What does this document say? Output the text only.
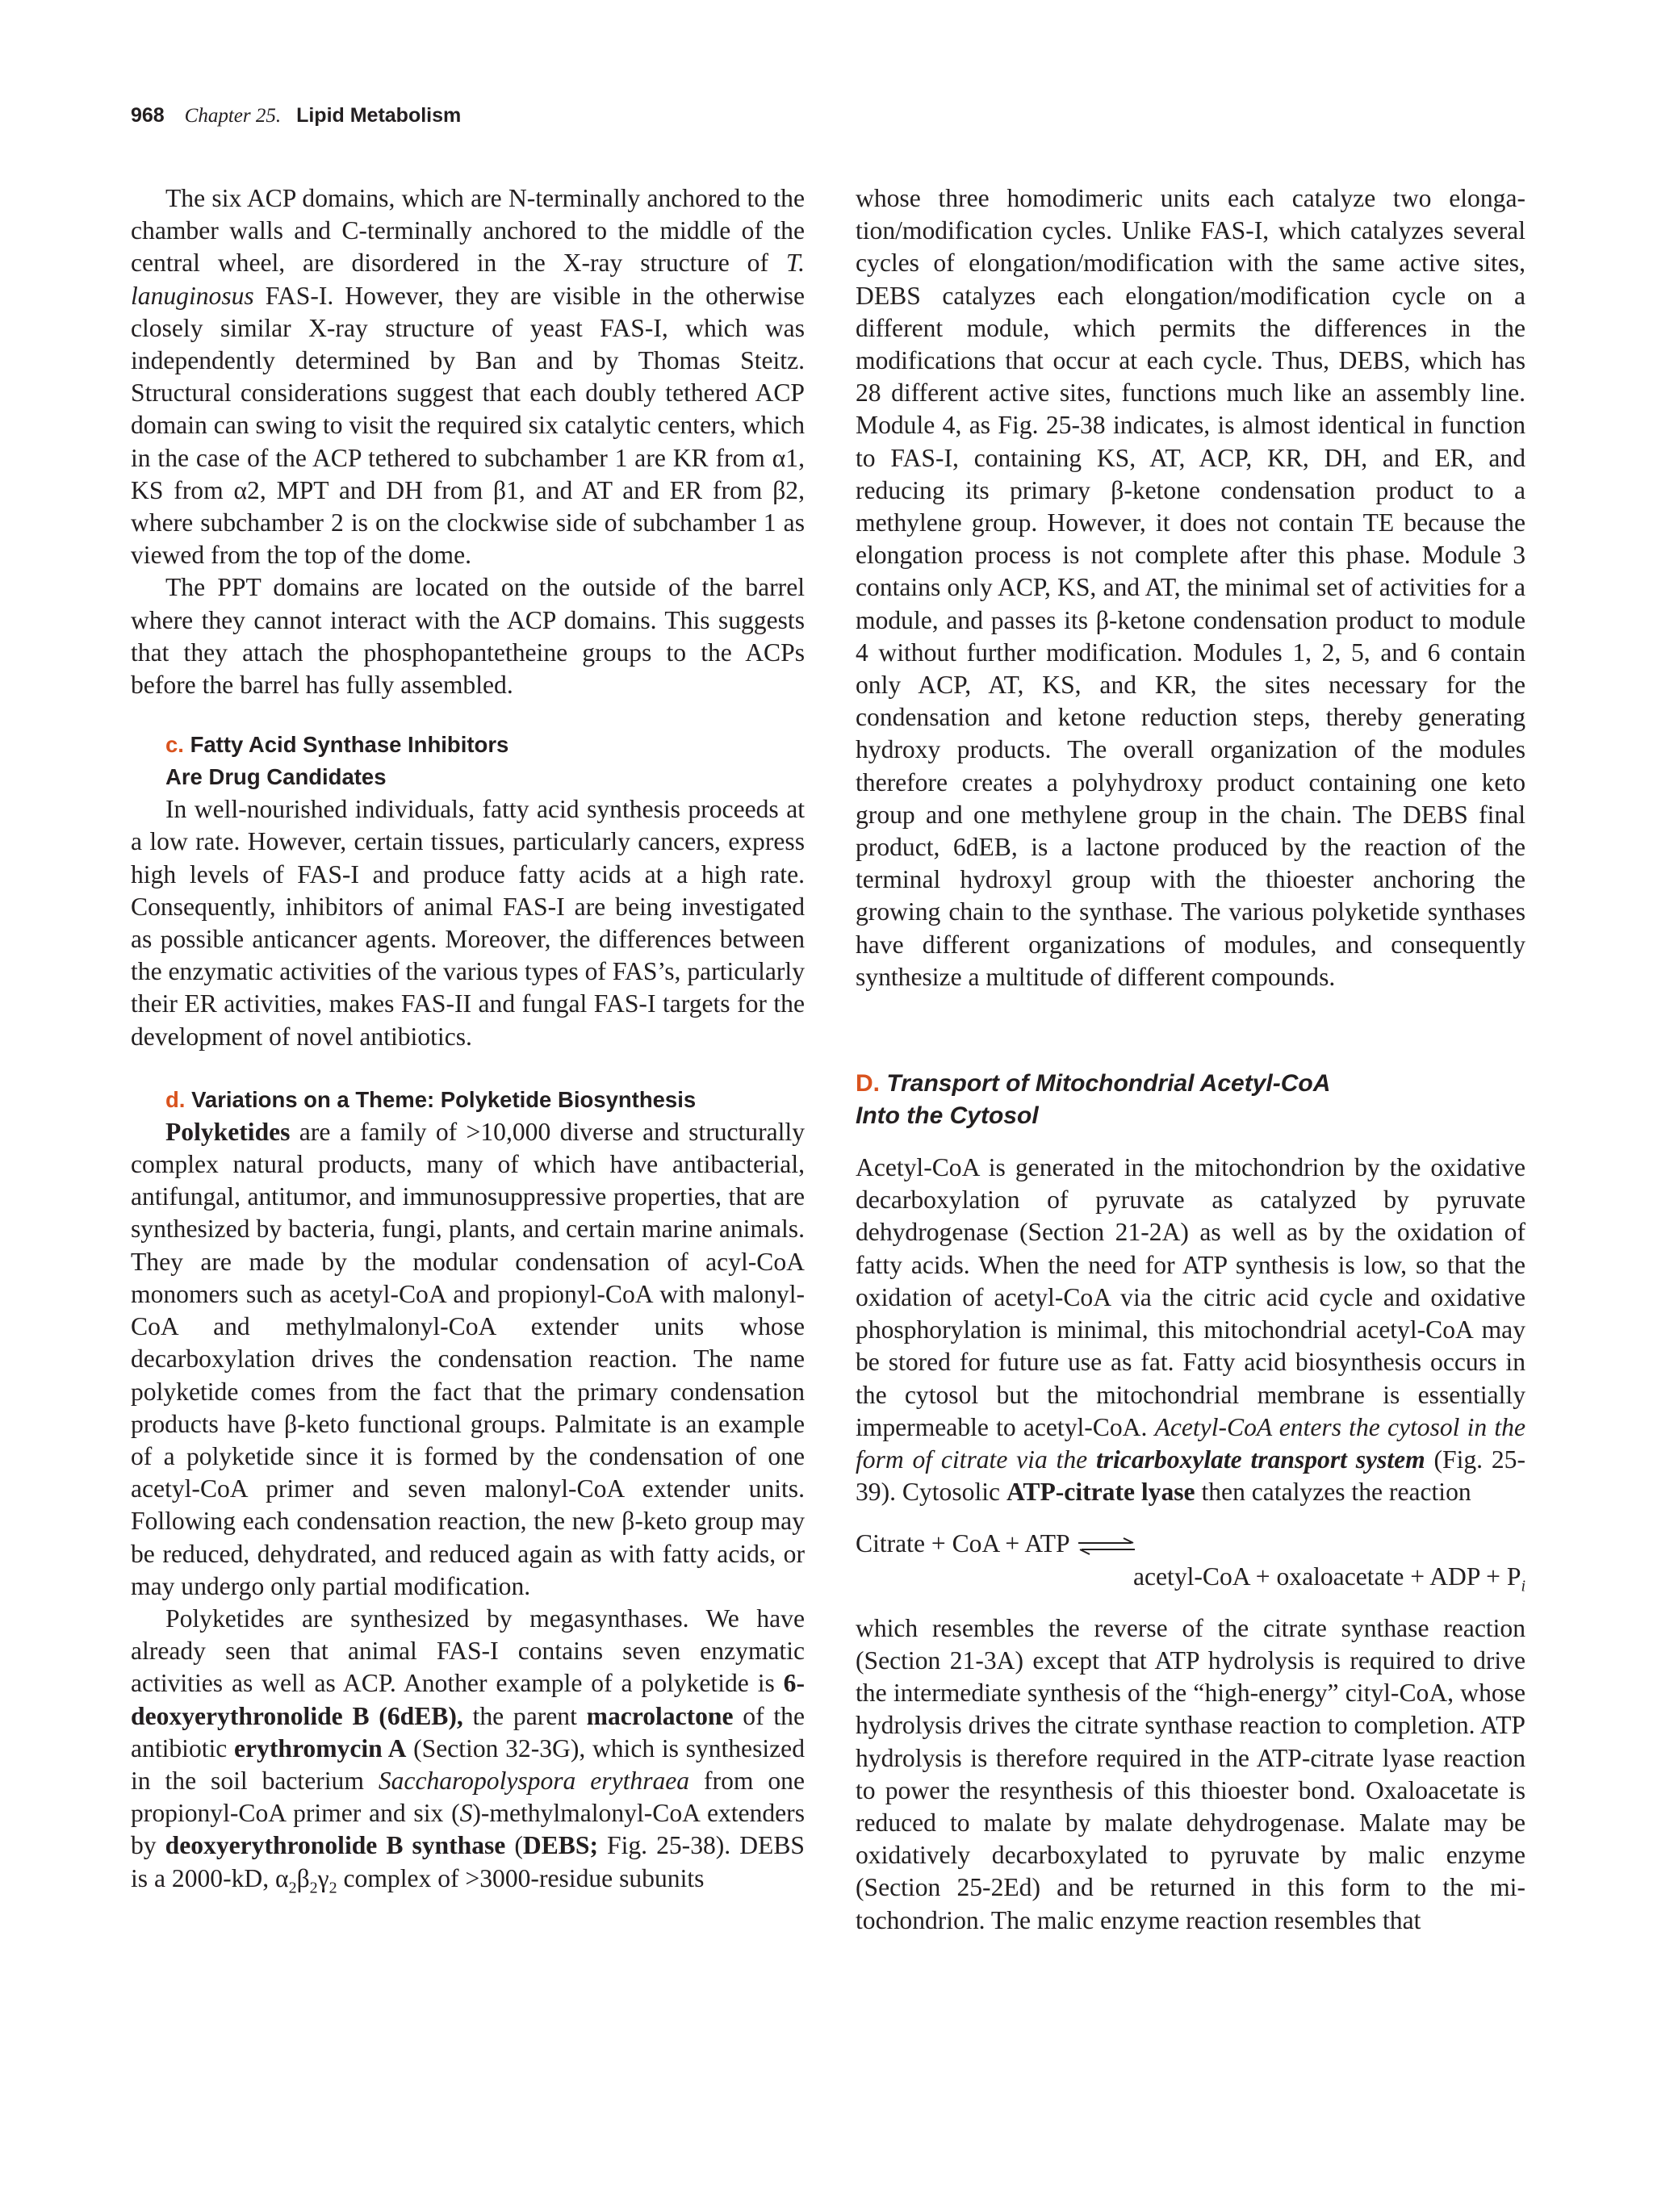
968 Chapter 25. Lipid Metabolism

The six ACP domains, which are N-terminally anchored to the chamber walls and C-terminally anchored to the middle of the central wheel, are disordered in the X-ray structure of T. lanuginosus FAS-I. However, they are visible in the otherwise closely similar X-ray structure of yeast FAS-I, which was independently determined by Ban and by Thomas Steitz. Structural considerations suggest that each doubly tethered ACP domain can swing to visit the required six catalytic centers, which in the case of the ACP tethered to subchamber 1 are KR from α1, KS from α2, MPT and DH from β1, and AT and ER from β2, where subchamber 2 is on the clockwise side of subchamber 1 as viewed from the top of the dome.

The PPT domains are located on the outside of the barrel where they cannot interact with the ACP domains. This suggests that they attach the phosphopantetheine groups to the ACPs before the barrel has fully assembled.

c. Fatty Acid Synthase Inhibitors
Are Drug Candidates

In well-nourished individuals, fatty acid synthesis proceeds at a low rate. However, certain tissues, particularly cancers, express high levels of FAS-I and produce fatty acids at a high rate. Consequently, inhibitors of animal FAS-I are being investigated as possible anticancer agents. Moreover, the differences between the enzymatic activities of the various types of FAS’s, particularly their ER activities, makes FAS-II and fungal FAS-I targets for the development of novel antibiotics.

d. Variations on a Theme: Polyketide Biosynthesis

Polyketides are a family of >10,000 diverse and structurally complex natural products, many of which have antibacterial, antifungal, antitumor, and immunosuppressive properties, that are synthesized by bacteria, fungi, plants, and certain marine animals. They are made by the modular condensation of acyl-CoA monomers such as acetyl-CoA and propionyl-CoA with malonyl-CoA and methylmalonyl-CoA extender units whose decarboxylation drives the condensation reaction. The name polyketide comes from the fact that the primary condensation products have β-keto functional groups. Palmitate is an example of a polyketide since it is formed by the condensation of one acetyl-CoA primer and seven malonyl-CoA extender units. Following each condensation reaction, the new β-keto group may be reduced, dehydrated, and reduced again as with fatty acids, or may undergo only partial modification.

Polyketides are synthesized by megasynthases. We have already seen that animal FAS-I contains seven enzymatic activities as well as ACP. Another example of a polyketide is 6-deoxyerythronolide B (6dEB), the parent macrolactone of the antibiotic erythromycin A (Section 32-3G), which is synthesized in the soil bacterium Saccharopolyspora erythraea from one propionyl-CoA primer and six (S)-methylmalonyl-CoA extenders by deoxyerythronolide B synthase (DEBS; Fig. 25-38). DEBS is a 2000-kD, $\alpha_2\beta_2\gamma_2$ complex of >3000-residue subunits

whose three homodimeric units each catalyze two elongation/modification cycles. Unlike FAS-I, which catalyzes several cycles of elongation/modification with the same active sites, DEBS catalyzes each elongation/modification cycle on a different module, which permits the differences in the modifications that occur at each cycle. Thus, DEBS, which has 28 different active sites, functions much like an assembly line. Module 4, as Fig. 25-38 indicates, is almost identical in function to FAS-I, containing KS, AT, ACP, KR, DH, and ER, and reducing its primary β-ketone condensation product to a methylene group. However, it does not contain TE because the elongation process is not complete after this phase. Module 3 contains only ACP, KS, and AT, the minimal set of activities for a module, and passes its β-ketone condensation product to module 4 without further modification. Modules 1, 2, 5, and 6 contain only ACP, AT, KS, and KR, the sites necessary for the condensation and ketone reduction steps, thereby generating hydroxy products. The overall organization of the modules therefore creates a polyhydroxy product containing one keto group and one methylene group in the chain. The DEBS final product, 6dEB, is a lactone produced by the reaction of the terminal hydroxyl group with the thioester anchoring the growing chain to the synthase. The various polyketide synthases have different organizations of modules, and consequently synthesize a multitude of different compounds.

D. Transport of Mitochondrial Acetyl-CoA
Into the Cytosol

Acetyl-CoA is generated in the mitochondrion by the oxidative decarboxylation of pyruvate as catalyzed by pyruvate dehydrogenase (Section 21-2A) as well as by the oxidation of fatty acids. When the need for ATP synthesis is low, so that the oxidation of acetyl-CoA via the citric acid cycle and oxidative phosphorylation is minimal, this mitochondrial acetyl-CoA may be stored for future use as fat. Fatty acid biosynthesis occurs in the cytosol but the mitochondrial membrane is essentially impermeable to acetyl-CoA. Acetyl-CoA enters the cytosol in the form of citrate via the tricarboxylate transport system (Fig. 25-39). Cytosolic ATP-citrate lyase then catalyzes the reaction

Citrate + CoA + ATP ⇌
acetyl-CoA + oxaloacetate + ADP + $P_i$

which resembles the reverse of the citrate synthase reaction (Section 21-3A) except that ATP hydrolysis is required to drive the intermediate synthesis of the “high-energy” cityl-CoA, whose hydrolysis drives the citrate synthase reaction to completion. ATP hydrolysis is therefore required in the ATP-citrate lyase reaction to power the resynthesis of this thioester bond. Oxaloacetate is reduced to malate by malate dehydrogenase. Malate may be oxidatively decarboxylated to pyruvate by malic enzyme (Section 25-2Ed) and be returned in this form to the mitochondrion. The malic enzyme reaction resembles that
